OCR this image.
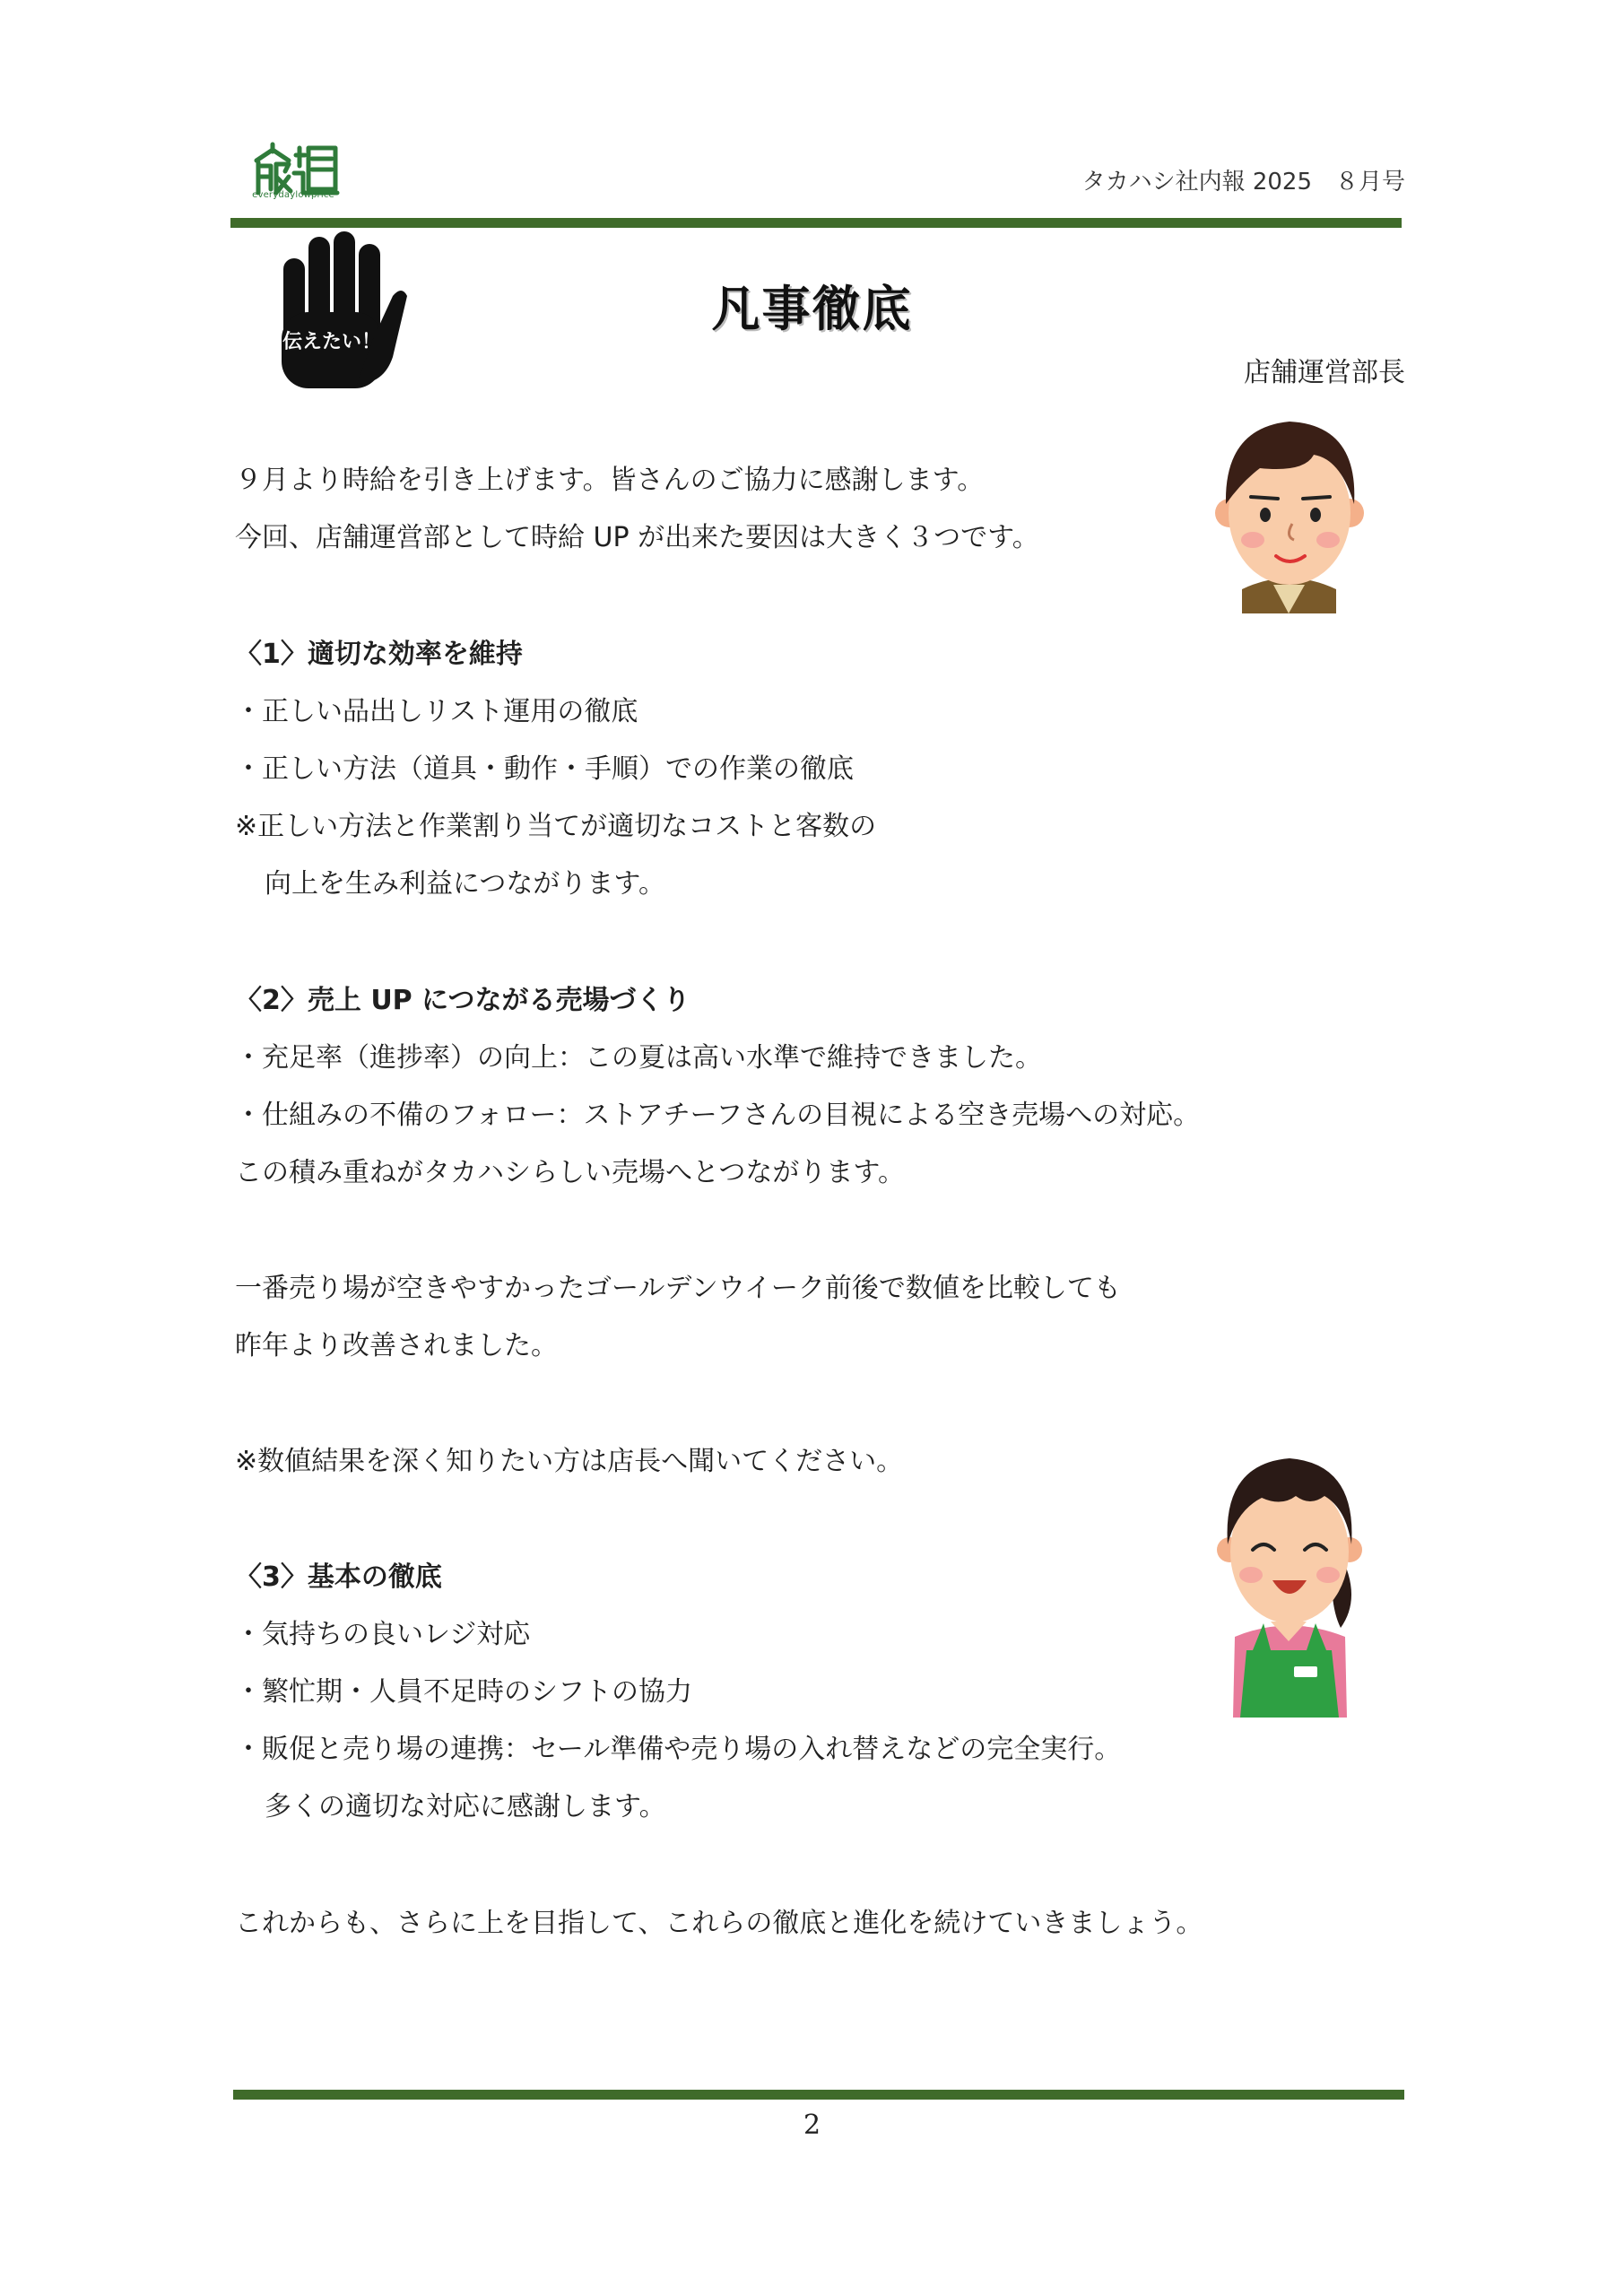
everydaylowprice	タカハシ社内報 2025　８月号
伝えたい！
凡事徹底
店舗運営部長
９月より時給を引き上げます。皆さんのご協力に感謝します。
今回、店舗運営部として時給 UP が出来た要因は大きく３つです。
〈1〉適切な効率を維持
・正しい品出しリスト運用の徹底
・正しい方法（道具・動作・手順）での作業の徹底
※正しい方法と作業割り当てが適切なコストと客数の
向上を生み利益につながります。
〈2〉売上 UP につながる売場づくり
・充足率（進捗率）の向上：この夏は高い水準で維持できました。
・仕組みの不備のフォロー：ストアチーフさんの目視による空き売場への対応。
この積み重ねがタカハシらしい売場へとつながります。
一番売り場が空きやすかったゴールデンウイーク前後で数値を比較しても
昨年より改善されました。
※数値結果を深く知りたい方は店長へ聞いてください。
〈3〉基本の徹底
・気持ちの良いレジ対応
・繁忙期・人員不足時のシフトの協力
・販促と売り場の連携：セール準備や売り場の入れ替えなどの完全実行。
多くの適切な対応に感謝します。
これからも、さらに上を目指して、これらの徹底と進化を続けていきましょう。
2
